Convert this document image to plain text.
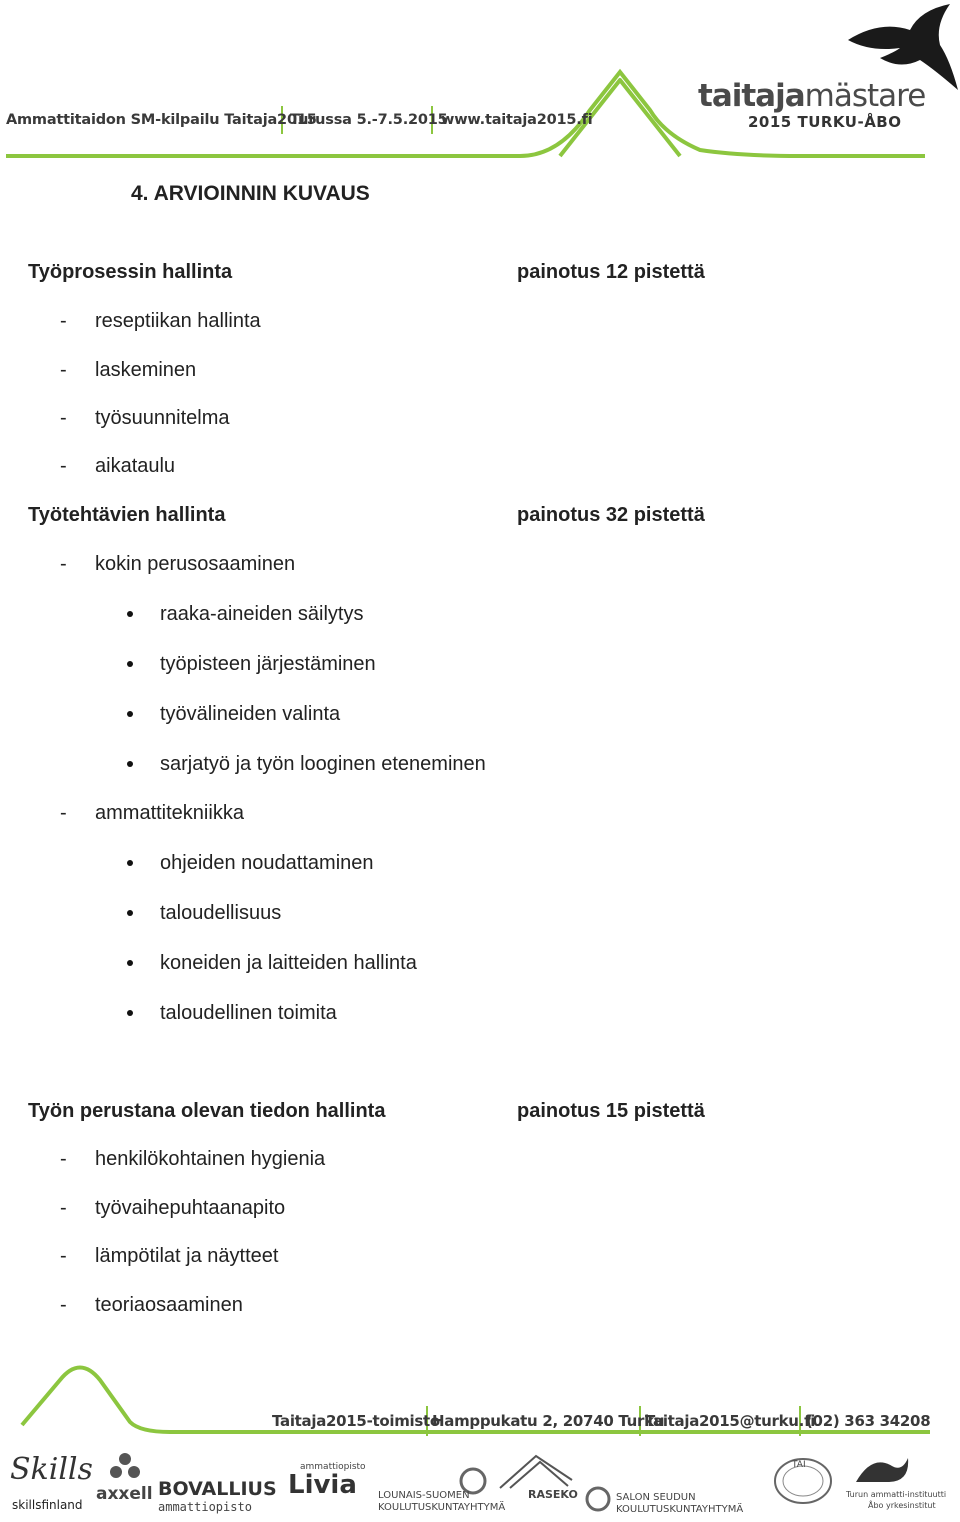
Ammattitaidon SM-kilpailu Taitaja2015
Turussa 5.-7.5.2015
www.taitaja2015.fi
taitajamästare
2015 TURKU-ÅBO
4. ARVIOINNIN KUVAUS
Työprosessin hallinta	painotus 12 pistettä
- reseptiikan hallinta
- laskeminen
- työsuunnitelma
- aikataulu
Työtehtävien hallinta	painotus 32 pistettä
- kokin perusosaaminen
raaka-aineiden säilytys
työpisteen järjestäminen
työvälineiden valinta
sarjatyö ja työn looginen eteneminen
- ammattitekniikka
ohjeiden noudattaminen
taloudellisuus
koneiden ja laitteiden hallinta
taloudellinen toimita
Työn perustana olevan tiedon hallinta	painotus 15 pistettä
- henkilökohtainen hygienia
- työvaihepuhtaanapito
- lämpötilat ja näytteet
- teoriaosaaminen
Taitaja2015-toimisto
Hamppukatu 2, 20740 Turku
Taitaja2015@turku.fi
(02) 363 34208
Skills
skillsfinland
axxell BOVALLIUS
ammattiopisto
ammattiopisto
Livia LOUNAIS-SUOMEN
KOULUTUSKUNTAYHTYMÄ
RASEKO	SALON SEUDUN
KOULUTUSKUNTAYHTYMÄ
TAI
Turun ammatti-instituutti
Åbo yrkesinstitut
